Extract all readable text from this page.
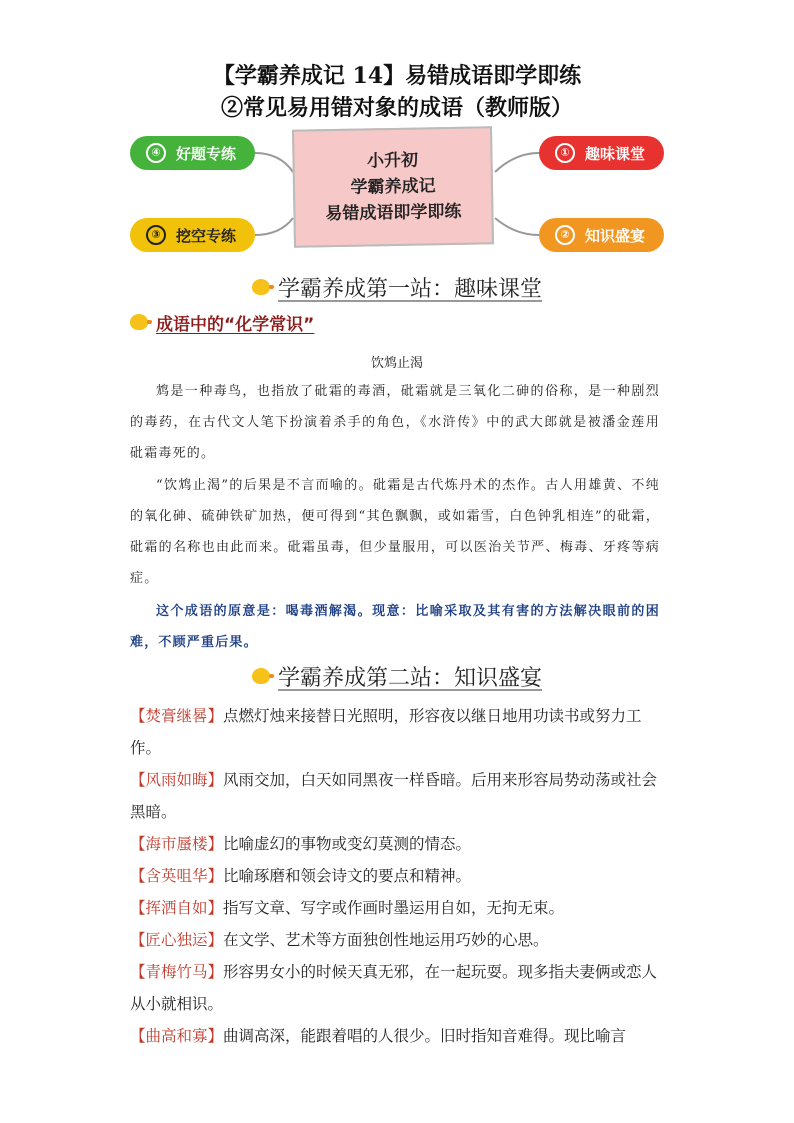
【学霸养成记 14】易错成语即学即练
②常见易用错对象的成语（教师版）
④	好题专练
③	挖空专练
①	趣味课堂
②	知识盛宴
小升初
学霸养成记
易错成语即学即练
学霸养成第一站：趣味课堂
成语中的“化学常识”
饮鸩止渴
鸩是一种毒鸟，也指放了砒霜的毒酒，砒霜就是三氧化二砷的俗称，是一种剧烈的毒药，在古代文人笔下扮演着杀手的角色，《水浒传》中的武大郎就是被潘金莲用砒霜毒死的。
“饮鸩止渴”的后果是不言而喻的。砒霜是古代炼丹术的杰作。古人用雄黄、不纯的氧化砷、硫砷铁矿加热，便可得到“其色飘飘，或如霜雪，白色钟乳相连”的砒霜，砒霜的名称也由此而来。砒霜虽毒，但少量服用，可以医治关节严、梅毒、牙疼等病症。
这个成语的原意是：喝毒酒解渴。现意：比喻采取及其有害的方法解决眼前的困难，不顾严重后果。
学霸养成第二站：知识盛宴
【焚膏继晷】点燃灯烛来接替日光照明，形容夜以继日地用功读书或努力工作。
【风雨如晦】风雨交加，白天如同黑夜一样昏暗。后用来形容局势动荡或社会黑暗。
【海市蜃楼】比喻虚幻的事物或变幻莫测的情态。
【含英咀华】比喻琢磨和领会诗文的要点和精神。
【挥洒自如】指写文章、写字或作画时墨运用自如，无拘无束。
【匠心独运】在文学、艺术等方面独创性地运用巧妙的心思。
【青梅竹马】形容男女小的时候天真无邪，在一起玩耍。现多指夫妻俩或恋人从小就相识。
【曲高和寡】曲调高深，能跟着唱的人很少。旧时指知音难得。现比喻言
